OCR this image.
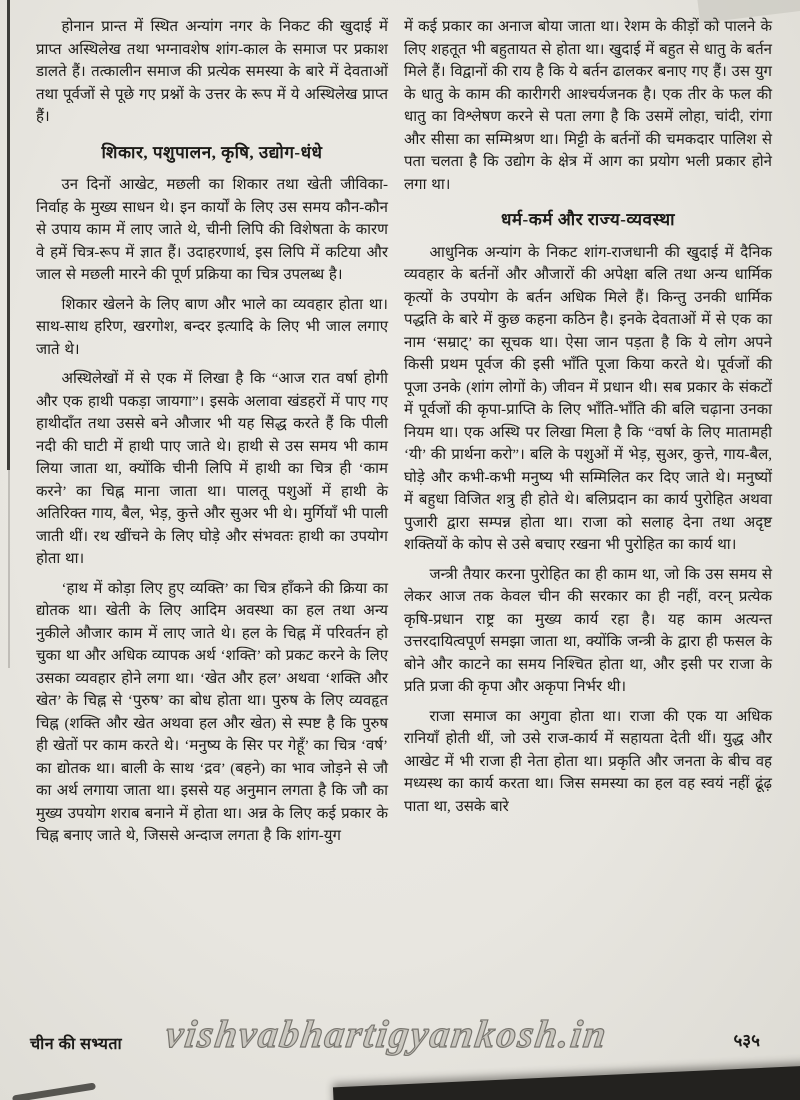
होनान प्रान्त में स्थित अन्यांग नगर के निकट की खुदाई में प्राप्त अस्थिलेख तथा भग्नावशेष शांग-काल के समाज पर प्रकाश डालते हैं। तत्कालीन समाज की प्रत्येक समस्या के बारे में देवताओं तथा पूर्वजों से पूछे गए प्रश्नों के उत्तर के रूप में ये अस्थिलेख प्राप्त हैं।
शिकार, पशुपालन, कृषि, उद्योग-धंधे
उन दिनों आखेट, मछली का शिकार तथा खेती जीविका-निर्वाह के मुख्य साधन थे। इन कार्यों के लिए उस समय कौन-कौन से उपाय काम में लाए जाते थे, चीनी लिपि की विशेषता के कारण वे हमें चित्र-रूप में ज्ञात हैं। उदाहरणार्थ, इस लिपि में कटिया और जाल से मछली मारने की पूर्ण प्रक्रिया का चित्र उपलब्ध है।
शिकार खेलने के लिए बाण और भाले का व्यवहार होता था। साथ-साथ हरिण, खरगोश, बन्दर इत्यादि के लिए भी जाल लगाए जाते थे।
अस्थिलेखों में से एक में लिखा है कि “आज रात वर्षा होगी और एक हाथी पकड़ा जायगा”। इसके अलावा खंडहरों में पाए गए हाथीदाँत तथा उससे बने औजार भी यह सिद्ध करते हैं कि पीली नदी की घाटी में हाथी पाए जाते थे। हाथी से उस समय भी काम लिया जाता था, क्योंकि चीनी लिपि में हाथी का चित्र ही ‘काम करने’ का चिह्न माना जाता था। पालतू पशुओं में हाथी के अतिरिक्त गाय, बैल, भेड़, कुत्ते और सुअर भी थे। मुर्गियाँ भी पाली जाती थीं। रथ खींचने के लिए घोड़े और संभवतः हाथी का उपयोग होता था।
‘हाथ में कोड़ा लिए हुए व्यक्ति’ का चित्र हाँकने की क्रिया का द्योतक था। खेती के लिए आदिम अवस्था का हल तथा अन्य नुकीले औजार काम में लाए जाते थे। हल के चिह्न में परिवर्तन हो चुका था और अधिक व्यापक अर्थ ‘शक्ति’ को प्रकट करने के लिए उसका व्यवहार होने लगा था। ‘खेत और हल’ अथवा ‘शक्ति और खेत’ के चिह्न से ‘पुरुष’ का बोध होता था। पुरुष के लिए व्यवहृत चिह्न (शक्ति और खेत अथवा हल और खेत) से स्पष्ट है कि पुरुष ही खेतों पर काम करते थे। ‘मनुष्य के सिर पर गेहूँ’ का चित्र ‘वर्ष’ का द्योतक था। बाली के साथ ‘द्रव’ (बहने) का भाव जोड़ने से जौ का अर्थ लगाया जाता था। इससे यह अनुमान लगता है कि जौ का मुख्य उपयोग शराब बनाने में होता था। अन्न के लिए कई प्रकार के चिह्न बनाए जाते थे, जिससे अन्दाज लगता है कि शांग-युग
में कई प्रकार का अनाज बोया जाता था। रेशम के कीड़ों को पालने के लिए शहतूत भी बहुतायत से होता था। खुदाई में बहुत से धातु के बर्तन मिले हैं। विद्वानों की राय है कि ये बर्तन ढालकर बनाए गए हैं। उस युग के धातु के काम की कारीगरी आश्चर्यजनक है। एक तीर के फल की धातु का विश्लेषण करने से पता लगा है कि उसमें लोहा, चांदी, रांगा और सीसा का सम्मिश्रण था। मिट्टी के बर्तनों की चमकदार पालिश से पता चलता है कि उद्योग के क्षेत्र में आग का प्रयोग भली प्रकार होने लगा था।
धर्म-कर्म और राज्य-व्यवस्था
आधुनिक अन्यांग के निकट शांग-राजधानी की खुदाई में दैनिक व्यवहार के बर्तनों और औजारों की अपेक्षा बलि तथा अन्य धार्मिक कृत्यों के उपयोग के बर्तन अधिक मिले हैं। किन्तु उनकी धार्मिक पद्धति के बारे में कुछ कहना कठिन है। इनके देवताओं में से एक का नाम ‘सम्राट्’ का सूचक था। ऐसा जान पड़ता है कि ये लोग अपने किसी प्रथम पूर्वज की इसी भाँति पूजा किया करते थे। पूर्वजों की पूजा उनके (शांग लोगों के) जीवन में प्रधान थी। सब प्रकार के संकटों में पूर्वजों की कृपा-प्राप्ति के लिए भाँति-भाँति की बलि चढ़ाना उनका नियम था। एक अस्थि पर लिखा मिला है कि “वर्षा के लिए मातामही ‘यी’ की प्रार्थना करो”। बलि के पशुओं में भेड़, सुअर, कुत्ते, गाय-बैल, घोड़े और कभी-कभी मनुष्य भी सम्मिलित कर दिए जाते थे। मनुष्यों में बहुधा विजित शत्रु ही होते थे। बलिप्रदान का कार्य पुरोहित अथवा पुजारी द्वारा सम्पन्न होता था। राजा को सलाह देना तथा अदृष्ट शक्तियों के कोप से उसे बचाए रखना भी पुरोहित का कार्य था।
जन्त्री तैयार करना पुरोहित का ही काम था, जो कि उस समय से लेकर आज तक केवल चीन की सरकार का ही नहीं, वरन् प्रत्येक कृषि-प्रधान राष्ट्र का मुख्य कार्य रहा है। यह काम अत्यन्त उत्तरदायित्वपूर्ण समझा जाता था, क्योंकि जन्त्री के द्वारा ही फसल के बोने और काटने का समय निश्चित होता था, और इसी पर राजा के प्रति प्रजा की कृपा और अकृपा निर्भर थी।
राजा समाज का अगुवा होता था। राजा की एक या अधिक रानियाँ होती थीं, जो उसे राज-कार्य में सहायता देती थीं। युद्ध और आखेट में भी राजा ही नेता होता था। प्रकृति और जनता के बीच वह मध्यस्थ का कार्य करता था। जिस समस्या का हल वह स्वयं नहीं ढूंढ़ पाता था, उसके बारे
चीन की सभ्यता vishvabhartigyankosh.in	५३५
